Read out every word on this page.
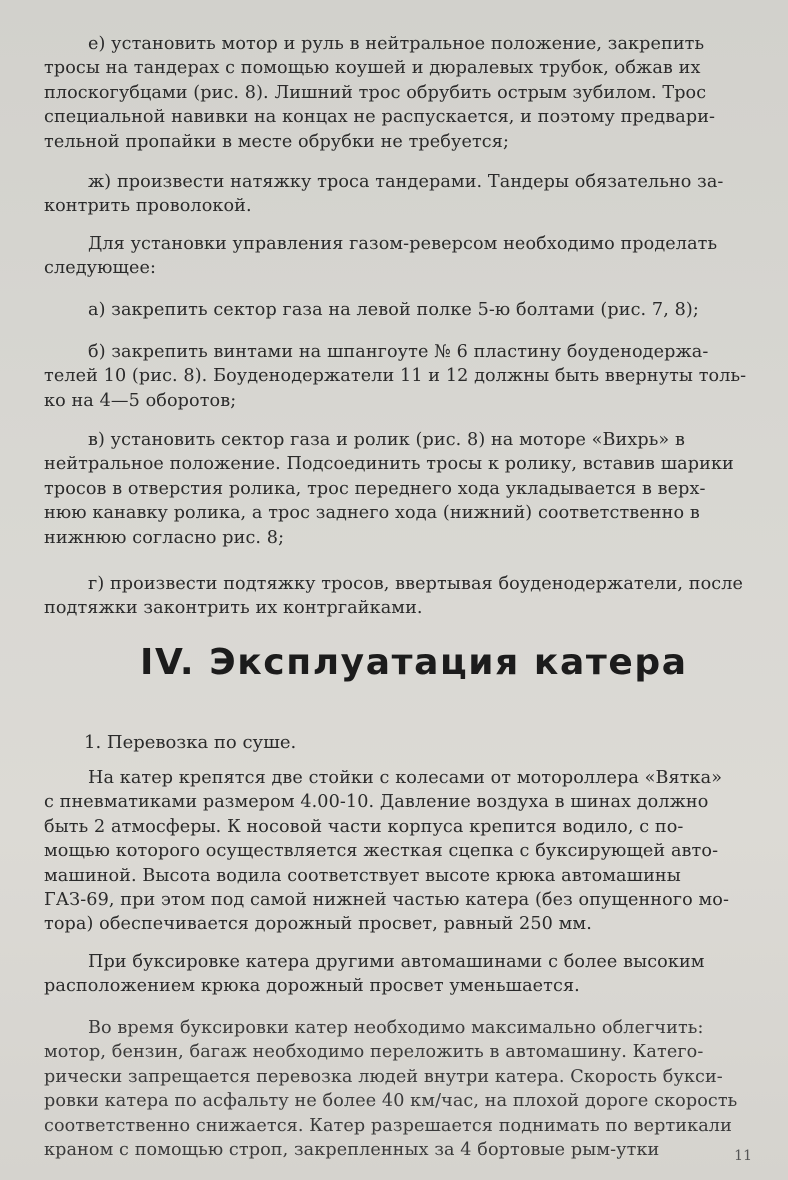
е) установить мотор и руль в нейтральное положение, закрепить
тросы на тандерах с помощью коушей и дюралевых трубок, обжав их
плоскогубцами (рис. 8). Лишний трос обрубить острым зубилом. Трос
специальной навивки на концах не распускается, и поэтому предвари-
тельной пропайки в месте обрубки не требуется;

ж) произвести натяжку троса тандерами. Тандеры обязательно за-
контрить проволокой.

Для установки управления газом-реверсом необходимо проделать
следующее:

а) закрепить сектор газа на левой полке 5-ю болтами (рис. 7, 8);

б) закрепить винтами на шпангоуте № 6 пластину боуденодержа-
телей 10 (рис. 8). Боуденодержатели 11 и 12 должны быть ввернуты толь-
ко на 4—5 оборотов;

в) установить сектор газа и ролик (рис. 8) на моторе «Вихрь» в
нейтральное положение. Подсоединить тросы к ролику, вставив шарики
тросов в отверстия ролика, трос переднего хода укладывается в верх-
нюю канавку ролика, а трос заднего хода (нижний) соответственно в
нижнюю согласно рис. 8;

г) произвести подтяжку тросов, ввертывая боуденодержатели, после
подтяжки законтрить их контргайками.

IV. Эксплуатация катера

1. Перевозка по суше.

На катер крепятся две стойки с колесами от мотороллера «Вятка»
с пневматиками размером 4.00-10. Давление воздуха в шинах должно
быть 2 атмосферы. К носовой части корпуса крепится водило, с по-
мощью которого осуществляется жесткая сцепка с буксирующей авто-
машиной. Высота водила соответствует высоте крюка автомашины
ГАЗ-69, при этом под самой нижней частью катера (без опущенного мо-
тора) обеспечивается дорожный просвет, равный 250 мм.

При буксировке катера другими автомашинами с более высоким
расположением крюка дорожный просвет уменьшается.

Во время буксировки катер необходимо максимально облегчить:
мотор, бензин, багаж необходимо переложить в автомашину. Катего-
рически запрещается перевозка людей внутри катера. Скорость букси-
ровки катера по асфальту не более 40 км/час, на плохой дороге скорость
соответственно снижается. Катер разрешается поднимать по вертикали
краном с помощью строп, закрепленных за 4 бортовые рым-утки	11
